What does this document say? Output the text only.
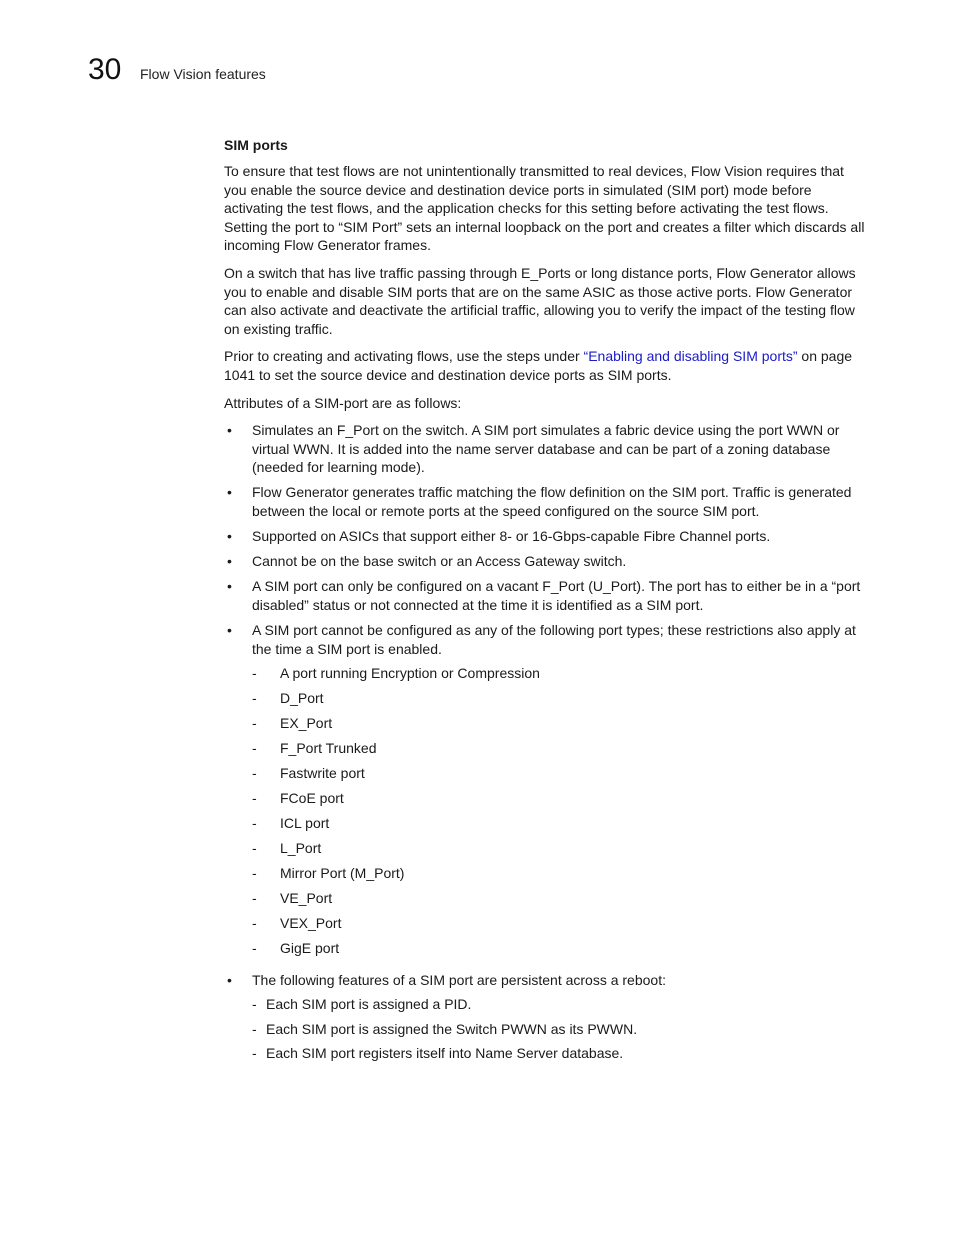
30 Flow Vision features
SIM ports

To ensure that test flows are not unintentionally transmitted to real devices, Flow Vision requires that you enable the source device and destination device ports in simulated (SIM port) mode before activating the test flows, and the application checks for this setting before activating the test flows. Setting the port to “SIM Port” sets an internal loopback on the port and creates a filter which discards all incoming Flow Generator frames.

On a switch that has live traffic passing through E_Ports or long distance ports, Flow Generator allows you to enable and disable SIM ports that are on the same ASIC as those active ports. Flow Generator can also activate and deactivate the artificial traffic, allowing you to verify the impact of the testing flow on existing traffic.

Prior to creating and activating flows, use the steps under “Enabling and disabling SIM ports” on page 1041 to set the source device and destination device ports as SIM ports.

Attributes of a SIM-port are as follows:

• Simulates an F_Port on the switch. A SIM port simulates a fabric device using the port WWN or virtual WWN. It is added into the name server database and can be part of a zoning database (needed for learning mode).
• Flow Generator generates traffic matching the flow definition on the SIM port. Traffic is generated between the local or remote ports at the speed configured on the source SIM port.
• Supported on ASICs that support either 8- or 16-Gbps-capable Fibre Channel ports.
• Cannot be on the base switch or an Access Gateway switch.
• A SIM port can only be configured on a vacant F_Port (U_Port). The port has to either be in a “port disabled” status or not connected at the time it is identified as a SIM port.
• A SIM port cannot be configured as any of the following port types; these restrictions also apply at the time a SIM port is enabled.
- A port running Encryption or Compression
- D_Port
- EX_Port
- F_Port Trunked
- Fastwrite port
- FCoE port
- ICL port
- L_Port
- Mirror Port (M_Port)
- VE_Port
- VEX_Port
- GigE port
• The following features of a SIM port are persistent across a reboot:
- Each SIM port is assigned a PID.
- Each SIM port is assigned the Switch PWWN as its PWWN.
- Each SIM port registers itself into Name Server database.
